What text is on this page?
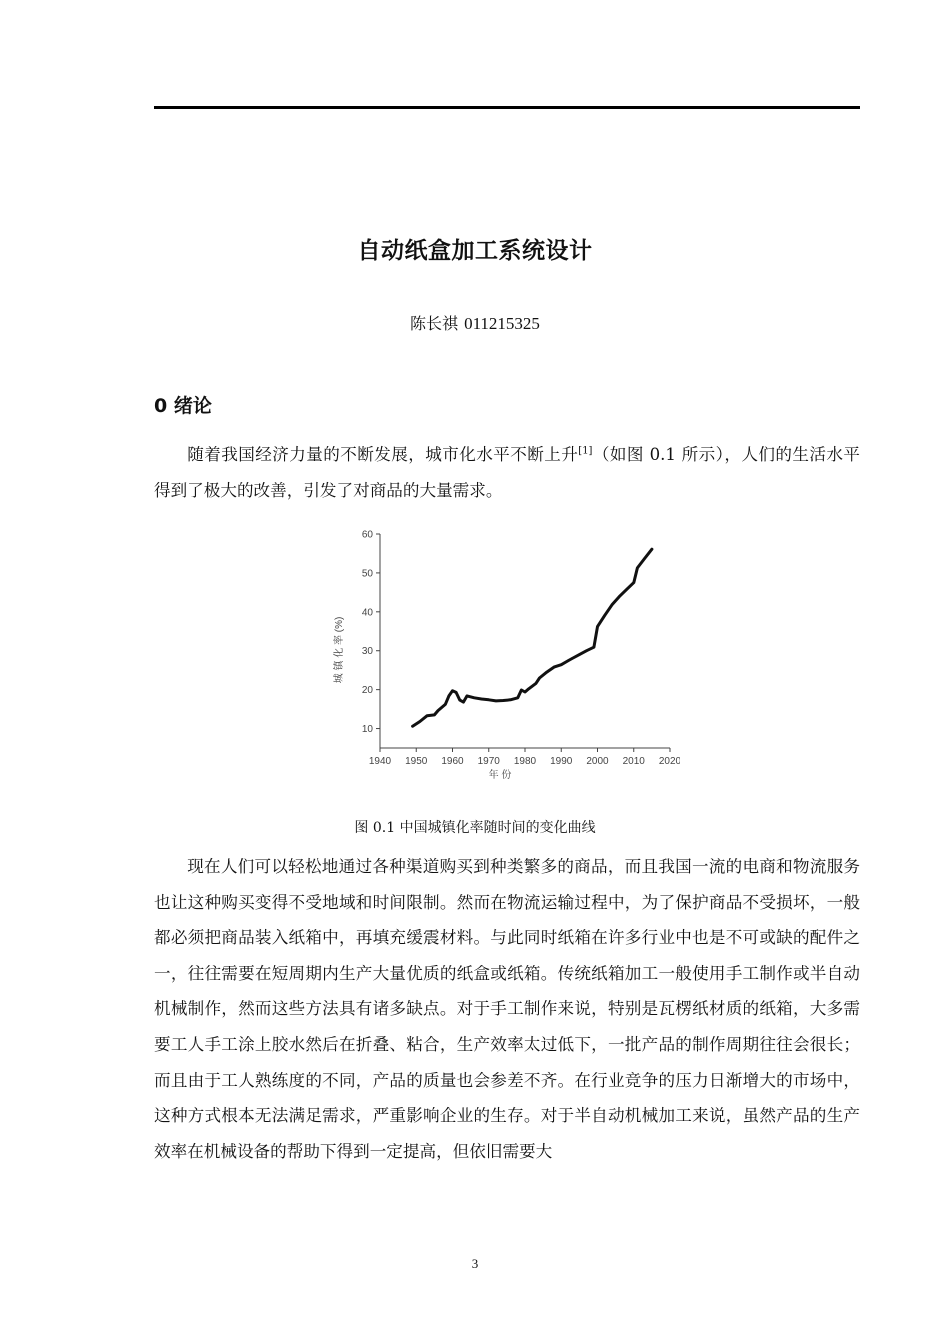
自动纸盒加工系统设计
陈长祺 011215325
0 绪论

随着我国经济力量的不断发展，城市化水平不断上升[1]（如图 0.1 所示），人们的生活水平得到了极大的改善，引发了对商品的大量需求。

1940 1950 1960 1970 1980 1990 2000 2010 2020
10
20
30
40
50
60
年 份
城 镇 化 率 (%)
图 0.1 中国城镇化率随时间的变化曲线

现在人们可以轻松地通过各种渠道购买到种类繁多的商品，而且我国一流的电商和物流服务也让这种购买变得不受地域和时间限制。然而在物流运输过程中，为了保护商品不受损坏，一般都必须把商品装入纸箱中，再填充缓震材料。与此同时纸箱在许多行业中也是不可或缺的配件之一，往往需要在短周期内生产大量优质的纸盒或纸箱。传统纸箱加工一般使用手工制作或半自动机械制作，然而这些方法具有诸多缺点。对于手工制作来说，特别是瓦楞纸材质的纸箱，大多需要工人手工涂上胶水然后在折叠、粘合，生产效率太过低下，一批产品的制作周期往往会很长；而且由于工人熟练度的不同，产品的质量也会参差不齐。在行业竞争的压力日渐增大的市场中，这种方式根本无法满足需求，严重影响企业的生存。对于半自动机械加工来说，虽然产品的生产效率在机械设备的帮助下得到一定提高，但依旧需要大

3
